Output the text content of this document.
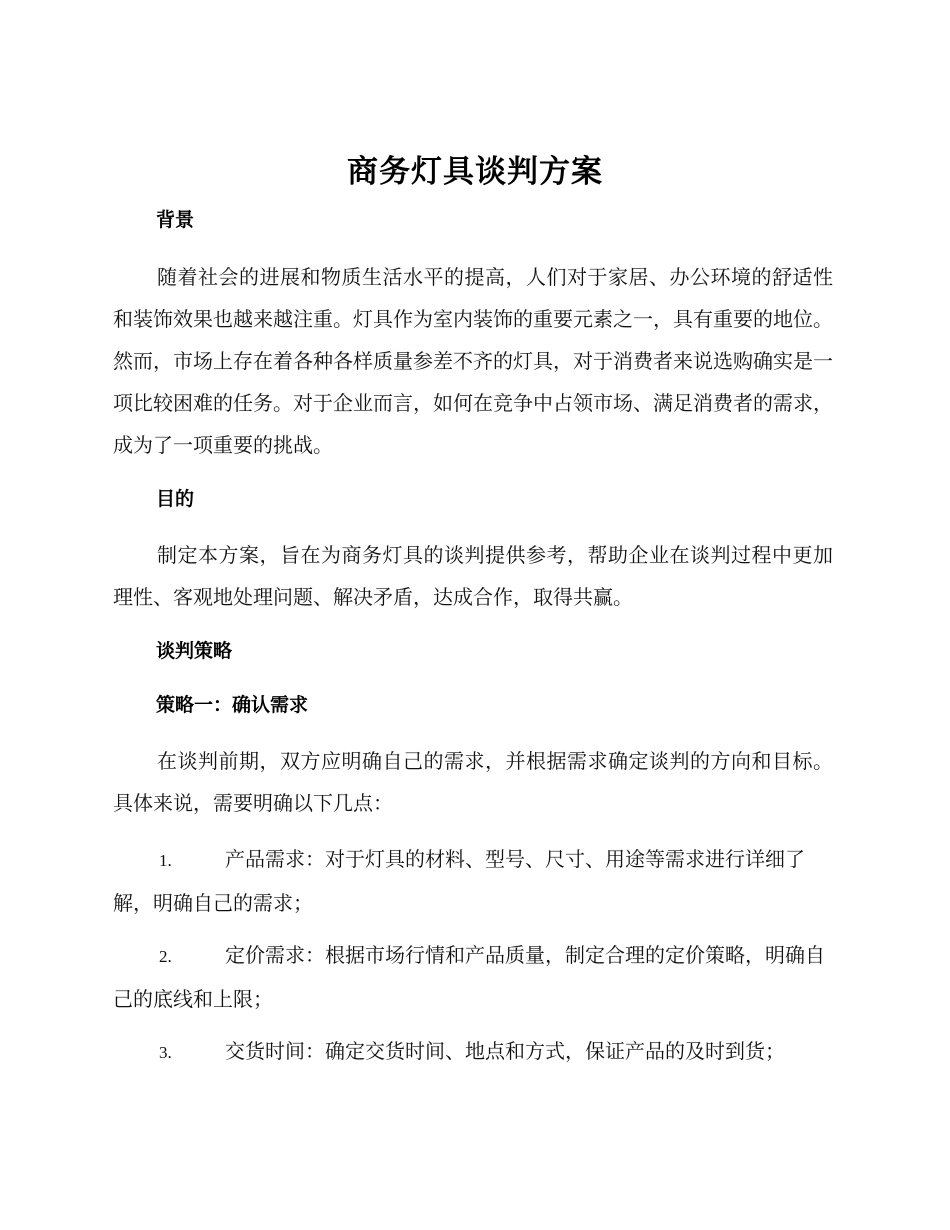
商务灯具谈判方案
背景

随着社会的进展和物质生活水平的提高，人们对于家居、办公环境的舒适性和装饰效果也越来越注重。灯具作为室内装饰的重要元素之一，具有重要的地位。然而，市场上存在着各种各样质量参差不齐的灯具，对于消费者来说选购确实是一项比较困难的任务。对于企业而言，如何在竞争中占领市场、满足消费者的需求，成为了一项重要的挑战。

目的

制定本方案，旨在为商务灯具的谈判提供参考，帮助企业在谈判过程中更加理性、客观地处理问题、解决矛盾，达成合作，取得共赢。

谈判策略
策略一：确认需求

在谈判前期，双方应明确自己的需求，并根据需求确定谈判的方向和目标。具体来说，需要明确以下几点：

1.	产品需求：对于灯具的材料、型号、尺寸、用途等需求进行详细了解，明确自己的需求；

2.	定价需求：根据市场行情和产品质量，制定合理的定价策略，明确自己的底线和上限；

3.	交货时间：确定交货时间、地点和方式，保证产品的及时到货；
